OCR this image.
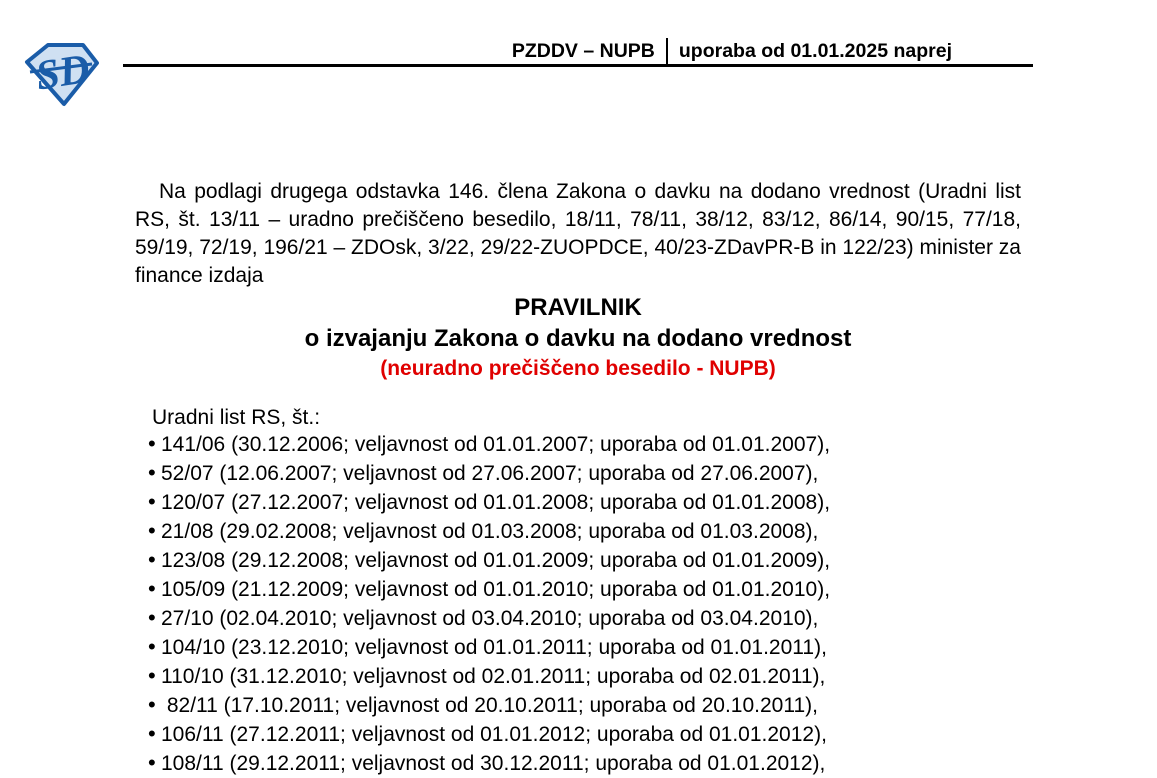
SD	PZDDV – NUPB uporaba od 01.01.2025 naprej

Na podlagi drugega odstavka 146. člena Zakona o davku na dodano vrednost (Uradni list RS, št. 13/11 – uradno prečiščeno besedilo, 18/11, 78/11, 38/12, 83/12, 86/14, 90/15, 77/18, 59/19, 72/19, 196/21 – ZDOsk, 3/22, 29/22-ZUOPDCE, 40/23-ZDavPR-B in 122/23) minister za finance izdaja

PRAVILNIK
o izvajanju Zakona o davku na dodano vrednost
(neuradno prečiščeno besedilo - NUPB)
Uradni list RS, št.:
• 141/06 (30.12.2006; veljavnost od 01.01.2007; uporaba od 01.01.2007),
• 52/07 (12.06.2007; veljavnost od 27.06.2007; uporaba od 27.06.2007),
• 120/07 (27.12.2007; veljavnost od 01.01.2008; uporaba od 01.01.2008),
• 21/08 (29.02.2008; veljavnost od 01.03.2008; uporaba od 01.03.2008),
• 123/08 (29.12.2008; veljavnost od 01.01.2009; uporaba od 01.01.2009),
• 105/09 (21.12.2009; veljavnost od 01.01.2010; uporaba od 01.01.2010),
• 27/10 (02.04.2010; veljavnost od 03.04.2010; uporaba od 03.04.2010),
• 104/10 (23.12.2010; veljavnost od 01.01.2011; uporaba od 01.01.2011),
• 110/10 (31.12.2010; veljavnost od 02.01.2011; uporaba od 02.01.2011),
•  82/11 (17.10.2011; veljavnost od 20.10.2011; uporaba od 20.10.2011),
• 106/11 (27.12.2011; veljavnost od 01.01.2012; uporaba od 01.01.2012),
• 108/11 (29.12.2011; veljavnost od 30.12.2011; uporaba od 01.01.2012),
